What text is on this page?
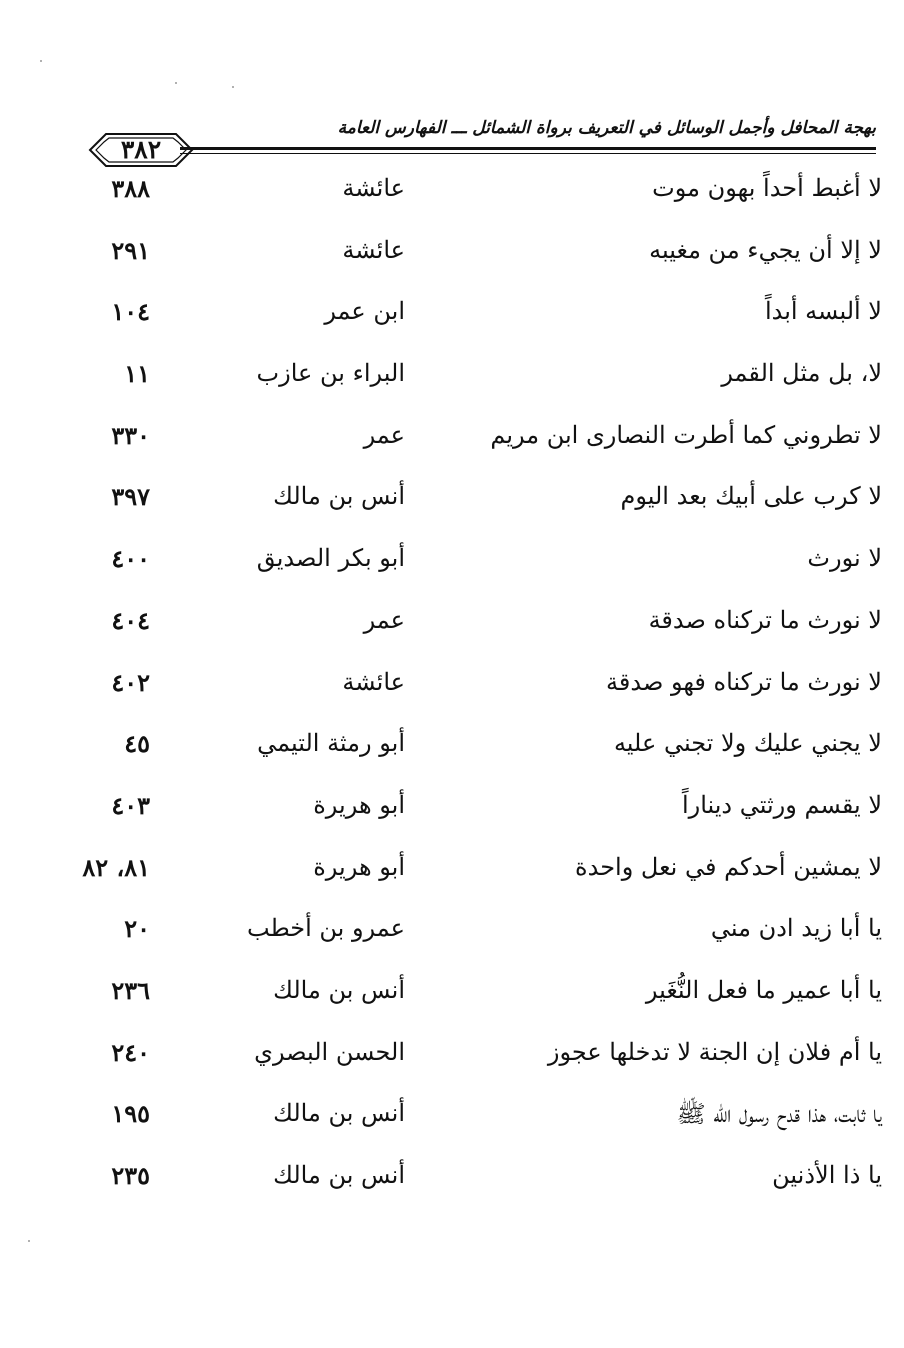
٣٨٢
بهجة المحافل وأجمل الوسائل في التعريف برواة الشمائل ـــ الفهارس العامة
لا أغبط أحداً بهون موت
عائشة
٣٨٨
لا إلا أن يجيء من مغيبه
عائشة
٢٩١
لا ألبسه أبداً
ابن عمر
١٠٤
لا، بل مثل القمر
البراء بن عازب
١١
لا تطروني كما أطرت النصارى ابن مريم
عمر
٣٣٠
لا كرب على أبيك بعد اليوم
أنس بن مالك
٣٩٧
لا نورث
أبو بكر الصديق
٤٠٠
لا نورث ما تركناه صدقة
عمر
٤٠٤
لا نورث ما تركناه فهو صدقة
عائشة
٤٠٢
لا يجني عليك ولا تجني عليه
أبو رمثة التيمي
٤٥
لا يقسم ورثتي ديناراً
أبو هريرة
٤٠٣
لا يمشين أحدكم في نعل واحدة
أبو هريرة
٨١، ٨٢
يا أبا زيد ادن مني
عمرو بن أخطب
٢٠
يا أبا عمير ما فعل النُّغَير
أنس بن مالك
٢٣٦
يا أم فلان إن الجنة لا تدخلها عجوز
الحسن البصري
٢٤٠
يا ثابت، هذا قدح رسول الله ﷺ
أنس بن مالك
١٩٥
يا ذا الأذنين
أنس بن مالك
٢٣٥
